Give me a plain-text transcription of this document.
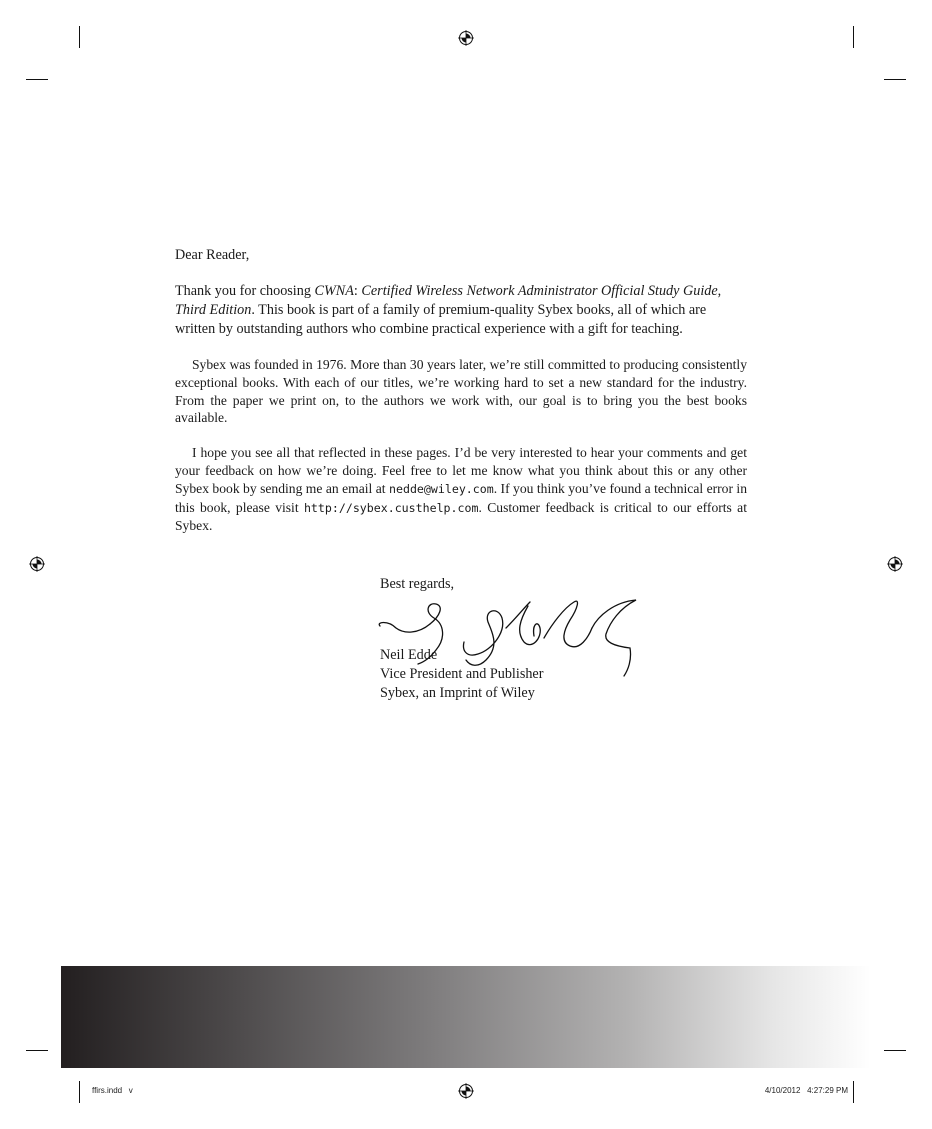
Dear Reader,

Thank you for choosing CWNA: Certified Wireless Network Administrator Official Study Guide, Third Edition. This book is part of a family of premium-quality Sybex books, all of which are written by outstanding authors who combine practical experience with a gift for teaching.

Sybex was founded in 1976. More than 30 years later, we’re still committed to producing consistently exceptional books. With each of our titles, we’re working hard to set a new standard for the industry. From the paper we print on, to the authors we work with, our goal is to bring you the best books available.

I hope you see all that reflected in these pages. I’d be very interested to hear your comments and get your feedback on how we’re doing. Feel free to let me know what you think about this or any other Sybex book by sending me an email at nedde@wiley.com. If you think you’ve found a technical error in this book, please visit http://sybex.custhelp.com. Customer feedback is critical to our efforts at Sybex.

Best regards,
Neil Edde
Vice President and Publisher
Sybex, an Imprint of Wiley
ffirs.indd   v	4/10/2012   4:27:29 PM
